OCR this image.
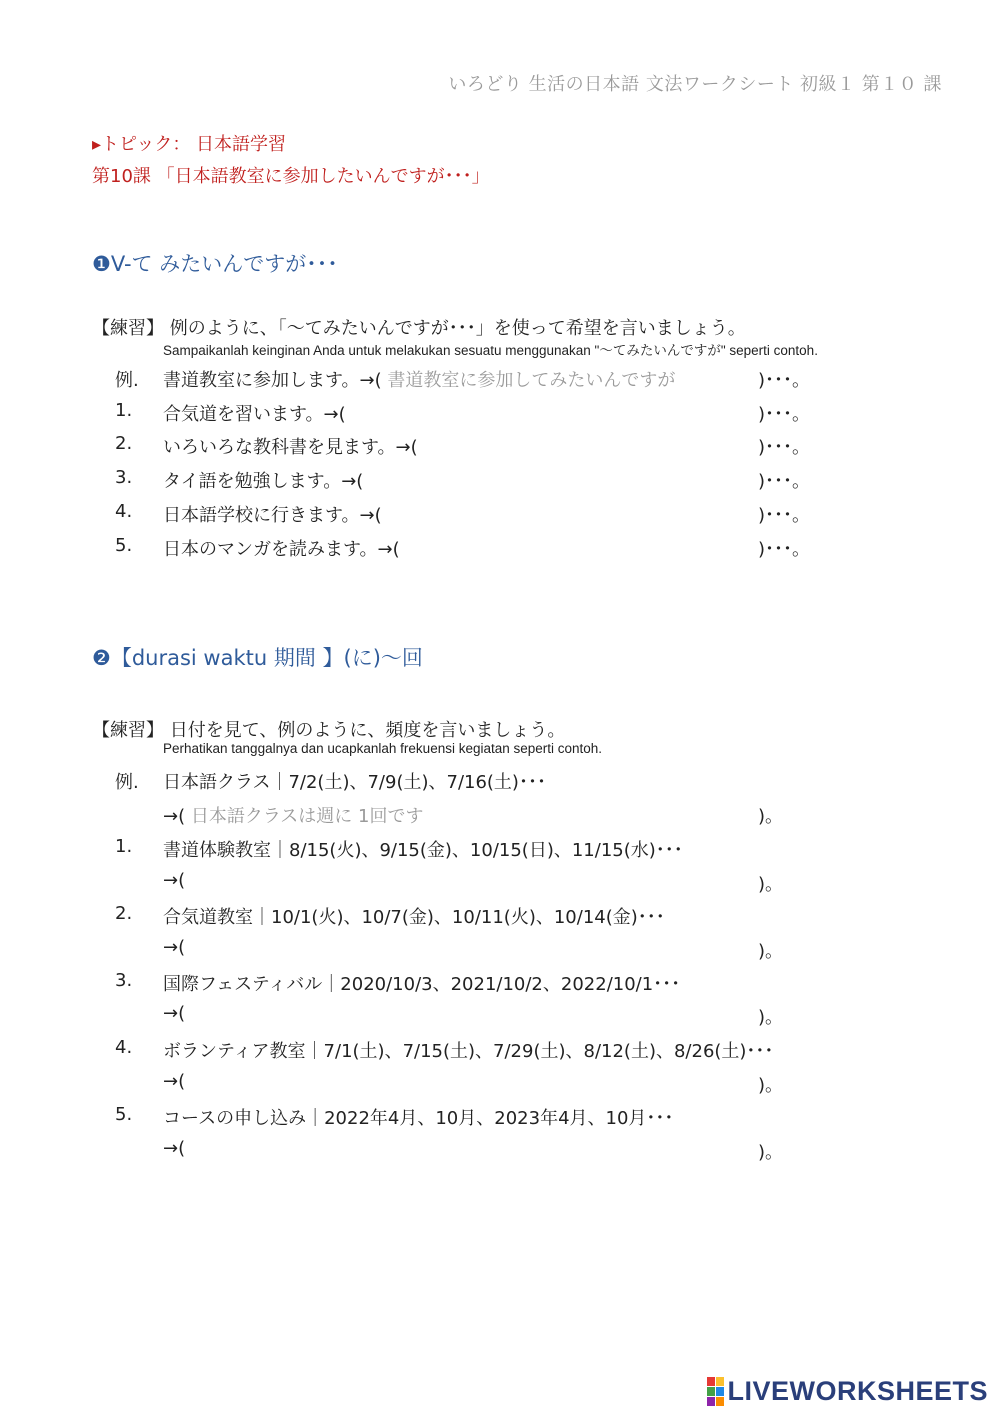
いろどり 生活の日本語 文法ワークシート 初級１ 第１０ 課
▸トピック： 日本語学習
第10課 「日本語教室に参加したいんですが･･･」
❶V-て みたいんですが･･･
【練習】 例のように、「～てみたいんですが･･･」を使って希望を言いましょう。
Sampaikanlah keinginan Anda untuk melakukan sesuatu menggunakan "～てみたいんですが" seperti contoh.
例. 書道教室に参加します。→( 書道教室に参加してみたいんですが	)･･･。
1. 合気道を習います。→(	)･･･。
2. いろいろな教科書を見ます。→(	)･･･。
3. タイ語を勉強します。→(	)･･･。
4. 日本語学校に行きます。→(	)･･･。
5. 日本のマンガを読みます。→(	)･･･。
❷【durasi waktu 期間 】(に)～回
【練習】 日付を見て、例のように、頻度を言いましょう。
Perhatikan tanggalnya dan ucapkanlah frekuensi kegiatan seperti contoh.
例. 日本語クラス｜7/2(土)、7/9(土)、7/16(土)･･･
→( 日本語クラスは週に 1回です	)。
1. 書道体験教室｜8/15(火)、9/15(金)、10/15(日)、11/15(水)･･･
→(	)。
2. 合気道教室｜10/1(火)、10/7(金)、10/11(火)、10/14(金)･･･
→(	)。
3. 国際フェスティバル｜2020/10/3、2021/10/2、2022/10/1･･･
→(	)。
4. ボランティア教室｜7/1(土)、7/15(土)、7/29(土)、8/12(土)、8/26(土)･･･
→(	)。
5. コースの申し込み｜2022年4月、10月、2023年4月、10月･･･
→(	)。
LIVEWORKSHEETS
